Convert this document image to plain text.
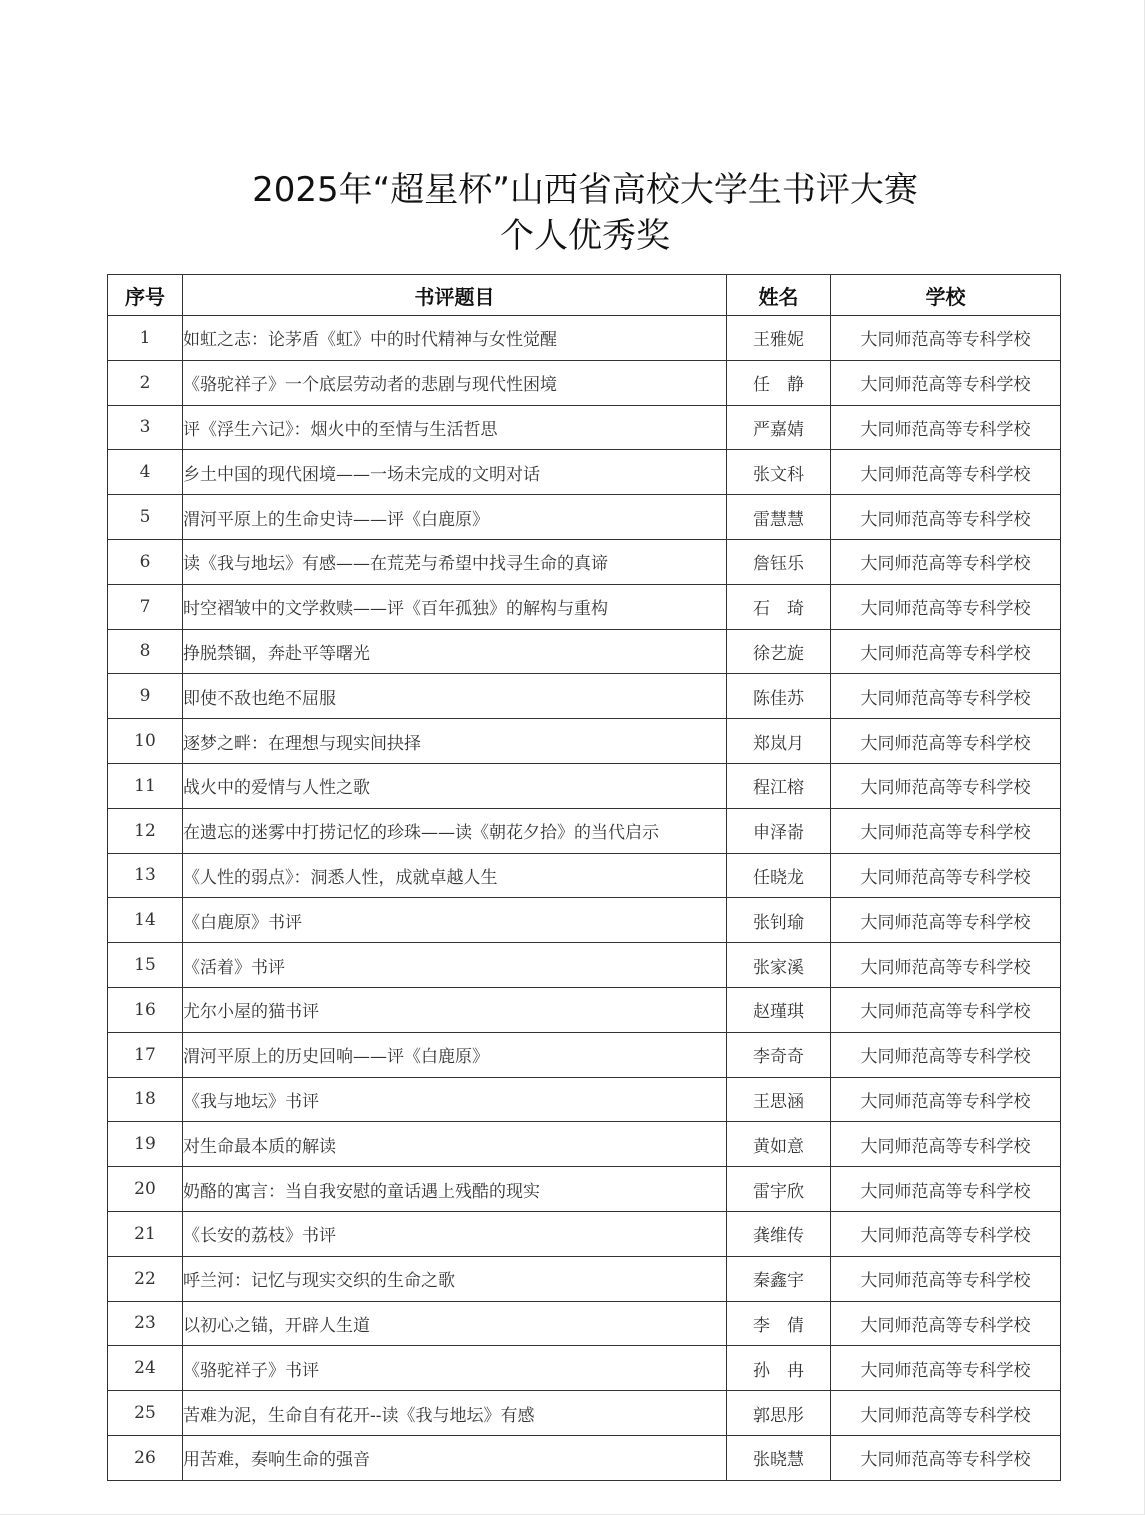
2025年“超星杯”山西省高校大学生书评大赛
个人优秀奖
序号	书评题目	姓名	学校
1	如虹之志：论茅盾《虹》中的时代精神与女性觉醒	王雅妮	大同师范高等专科学校
2	《骆驼祥子》一个底层劳动者的悲剧与现代性困境	任　静	大同师范高等专科学校
3	评《浮生六记》：烟火中的至情与生活哲思	严嘉婧	大同师范高等专科学校
4	乡土中国的现代困境——一场未完成的文明对话	张文科	大同师范高等专科学校
5	渭河平原上的生命史诗——评《白鹿原》	雷慧慧	大同师范高等专科学校
6	读《我与地坛》有感——在荒芜与希望中找寻生命的真谛	詹钰乐	大同师范高等专科学校
7	时空褶皱中的文学救赎——评《百年孤独》的解构与重构	石　琦	大同师范高等专科学校
8	挣脱禁锢，奔赴平等曙光	徐艺旋	大同师范高等专科学校
9	即使不敌也绝不屈服	陈佳苏	大同师范高等专科学校
10	逐梦之畔：在理想与现实间抉择	郑岚月	大同师范高等专科学校
11	战火中的爱情与人性之歌	程江榕	大同师范高等专科学校
12	在遗忘的迷雾中打捞记忆的珍珠——读《朝花夕拾》的当代启示	申泽嵛	大同师范高等专科学校
13	《人性的弱点》：洞悉人性，成就卓越人生	任晓龙	大同师范高等专科学校
14	《白鹿原》书评	张钊瑜	大同师范高等专科学校
15	《活着》书评	张家溪	大同师范高等专科学校
16	尤尔小屋的猫书评	赵瑾琪	大同师范高等专科学校
17	渭河平原上的历史回响——评《白鹿原》	李奇奇	大同师范高等专科学校
18	《我与地坛》书评	王思涵	大同师范高等专科学校
19	对生命最本质的解读	黄如意	大同师范高等专科学校
20	奶酪的寓言：当自我安慰的童话遇上残酷的现实	雷宇欣	大同师范高等专科学校
21	《长安的荔枝》书评	龚维传	大同师范高等专科学校
22	呼兰河：记忆与现实交织的生命之歌	秦鑫宇	大同师范高等专科学校
23	以初心之锚，开辟人生道	李　倩	大同师范高等专科学校
24	《骆驼祥子》书评	孙　冉	大同师范高等专科学校
25	苦难为泥，生命自有花开--读《我与地坛》有感	郭思彤	大同师范高等专科学校
26	用苦难，奏响生命的强音	张晓慧	大同师范高等专科学校
